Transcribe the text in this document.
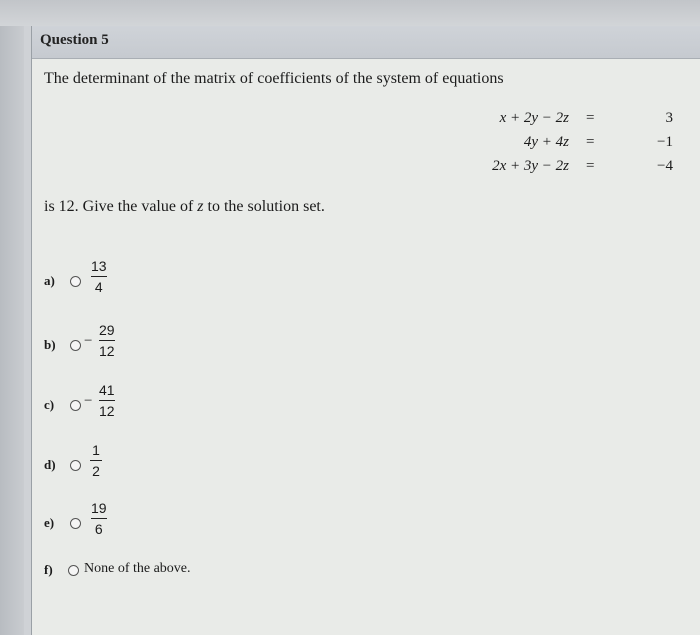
Question 5
The determinant of the matrix of coefficients of the system of equations
x + 2y − 2z =	3
4y + 4z =	−1
2x + 3y − 2z =	−4
is 12. Give the value of z to the solution set.
a)
13
4
b) −
29
12
c) −
41
12
d)
1
2
e)
19
6
f) None of the above.
